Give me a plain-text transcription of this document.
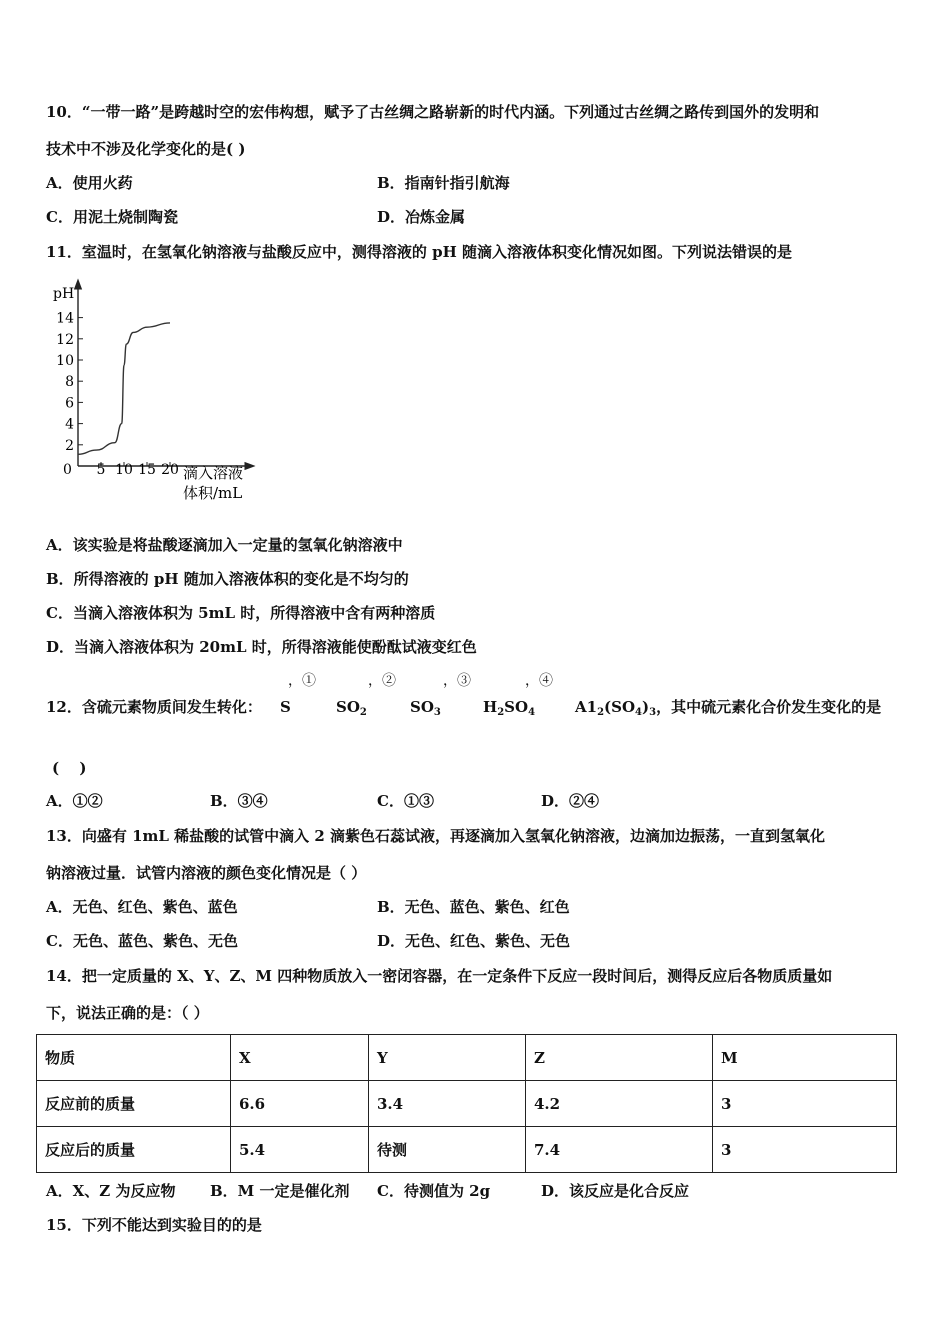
10．“一带一路”是跨越时空的宏伟构想，赋予了古丝绸之路崭新的时代内涵。下列通过古丝绸之路传到国外的发明和
技术中不涉及化学变化的是( )
A．使用火药	B．指南针指引航海
C．用泥土烧制陶瓷	D．冶炼金属
11．室温时，在氢氧化钠溶液与盐酸反应中，测得溶液的 pH 随滴入溶液体积变化情况如图。下列说法错误的是
pH
0
2
4
6
8
10
12
14
5 10 15 20 滴入溶液
体积/mL
A．该实验是将盐酸逐滴加入一定量的氢氧化钠溶液中
B．所得溶液的 pH 随加入溶液体积的变化是不均匀的
C．当滴入溶液体积为 5mL 时，所得溶液中含有两种溶质
D．当滴入溶液体积为 20mL 时，所得溶液能使酚酞试液变红色
，①	，②	，③	，④
12．含硫元素物质间发生转化： S	$SO_2$	$SO_3$	$H_2SO_4$	$A1_2(SO_4)_3$，其中硫元素化合价发生变化的是
(　 )
A．①②	B．③④	C．①③	D．②④
13．向盛有 1mL 稀盐酸的试管中滴入 2 滴紫色石蕊试液，再逐滴加入氢氧化钠溶液，边滴加边振荡，一直到氢氧化
钠溶液过量．试管内溶液的颜色变化情况是（ ）
A．无色、红色、紫色、蓝色	B．无色、蓝色、紫色、红色
C．无色、蓝色、紫色、无色	D．无色、红色、紫色、无色
14．把一定质量的 X、Y、Z、M 四种物质放入一密闭容器，在一定条件下反应一段时间后，测得反应后各物质质量如
下，说法正确的是：（ ）
物质	X	Y	Z	M
反应前的质量	6.6	3.4	4.2	3
反应后的质量	5.4	待测	7.4	3
A．X、Z 为反应物 B．M 一定是催化剂 C．待测值为 2g	D．该反应是化合反应
15．下列不能达到实验目的的是
